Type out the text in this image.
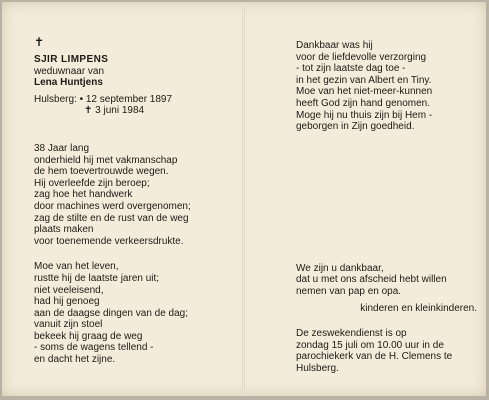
✝
SJIR LIMPENS
weduwnaar van
Lena Huntjens
Hulsberg: • 12 september 1897
✝ 3 juni 1984
38 Jaar lang
onderhield hij met vakmanschap
de hem toevertrouwde wegen.
Hij overleefde zijn beroep;
zag hoe het handwerk
door machines werd overgenomen;
zag de stilte en de rust van de weg
plaats maken
voor toenemende verkeersdrukte.
Moe van het leven,
rustte hij de laatste jaren uit;
niet veeleisend,
had hij genoeg
aan de daagse dingen van de dag;
vanuit zijn stoel
bekeek hij graag de weg
- soms de wagens tellend -
en dacht het zijne.
Dankbaar was hij
voor de liefdevolle verzorging
- tot zijn laatste dag toe -
in het gezin van Albert en Tiny.
Moe van het niet-meer-kunnen
heeft God zijn hand genomen.
Moge hij nu thuis zijn bij Hem -
geborgen in Zijn goedheid.
We zijn u dankbaar,
dat u met ons afscheid hebt willen
nemen van pap en opa.
kinderen en kleinkinderen.
De zeswekendienst is op
zondag 15 juli om 10.00 uur in de
parochiekerk van de H. Clemens te
Hulsberg.
